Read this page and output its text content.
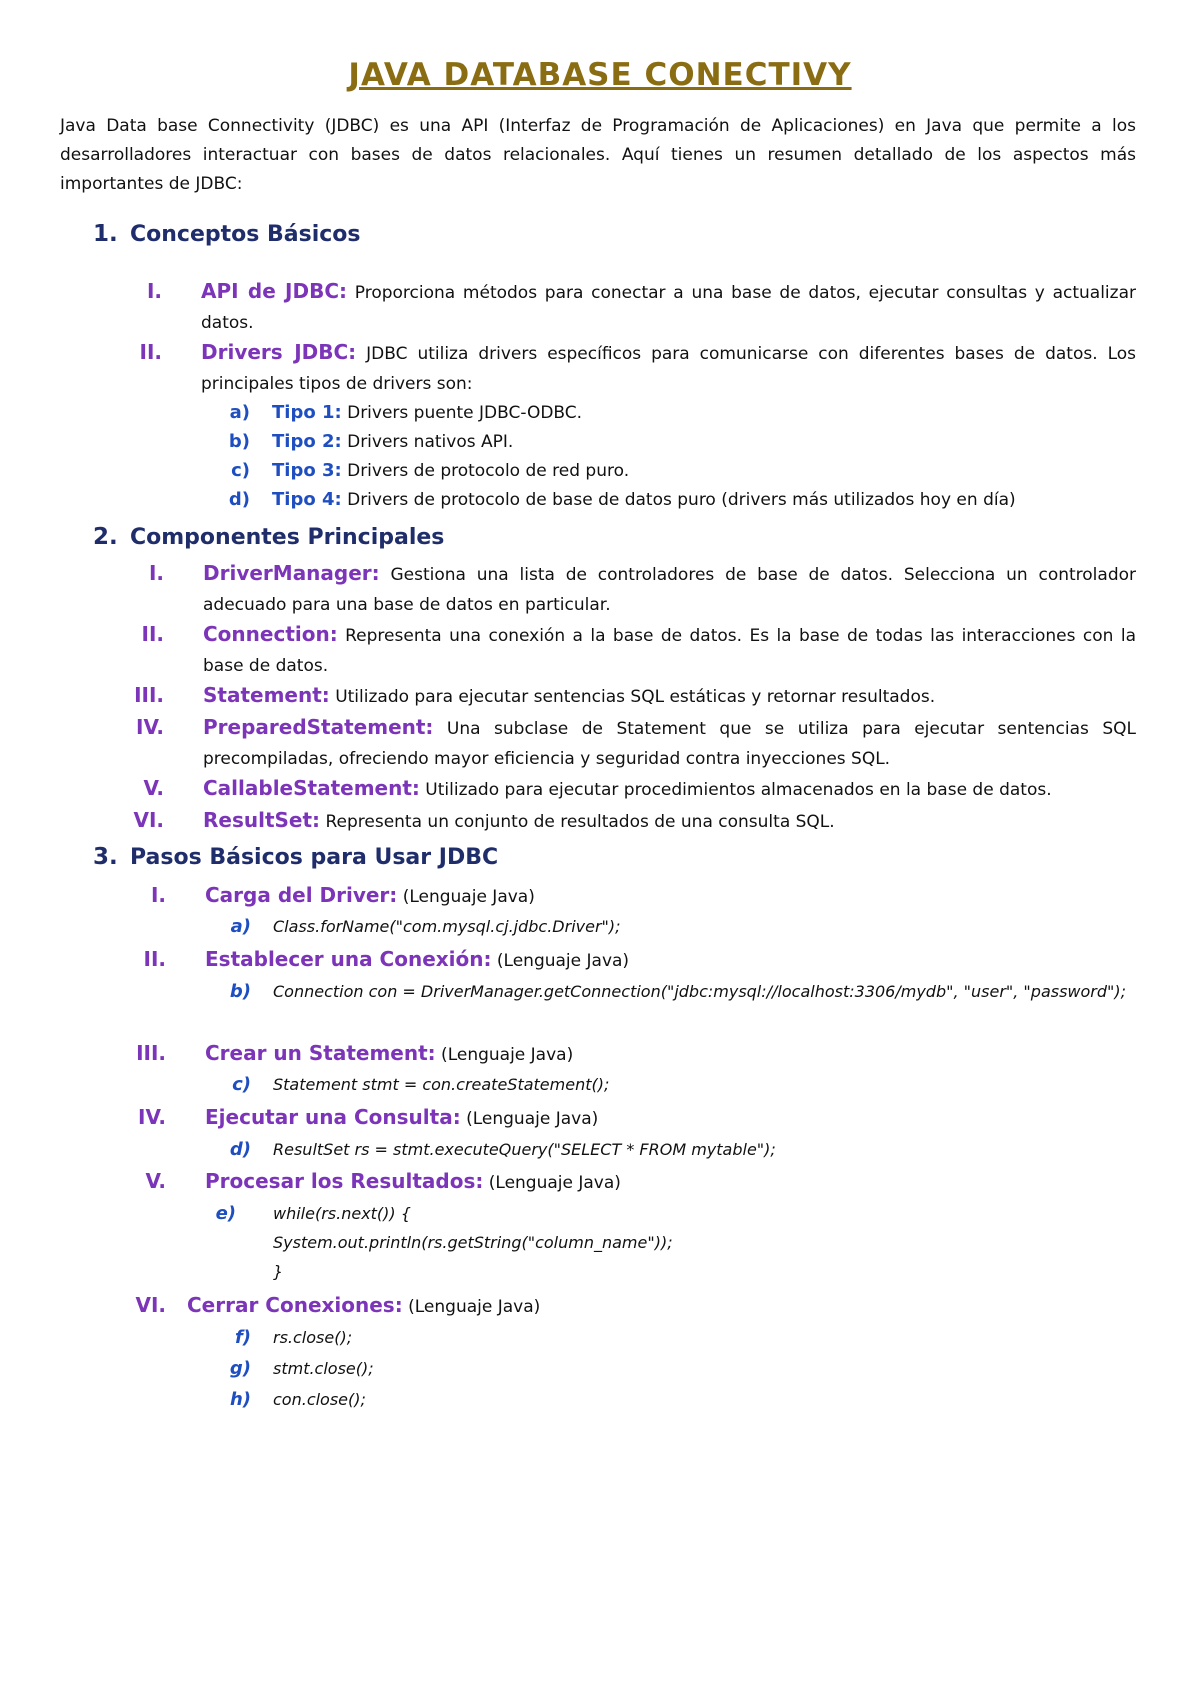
JAVA DATABASE CONECTIVY
Java Data base Connectivity (JDBC) es una API (Interfaz de Programación de Aplicaciones) en Java que permite a los desarrolladores interactuar con bases de datos relacionales. Aquí tienes un resumen detallado de los aspectos más importantes de JDBC:
1. Conceptos Básicos
I. API de JDBC: Proporciona métodos para conectar a una base de datos, ejecutar consultas y actualizar datos.
II. Drivers JDBC: JDBC utiliza drivers específicos para comunicarse con diferentes bases de datos. Los principales tipos de drivers son:
a) Tipo 1: Drivers puente JDBC-ODBC.
b) Tipo 2: Drivers nativos API.
c) Tipo 3: Drivers de protocolo de red puro.
d) Tipo 4: Drivers de protocolo de base de datos puro (drivers más utilizados hoy en día)
2. Componentes Principales
I. DriverManager: Gestiona una lista de controladores de base de datos. Selecciona un controlador adecuado para una base de datos en particular.
II. Connection: Representa una conexión a la base de datos. Es la base de todas las interacciones con la base de datos.
III. Statement: Utilizado para ejecutar sentencias SQL estáticas y retornar resultados.
IV. PreparedStatement: Una subclase de Statement que se utiliza para ejecutar sentencias SQL precompiladas, ofreciendo mayor eficiencia y seguridad contra inyecciones SQL.
V. CallableStatement: Utilizado para ejecutar procedimientos almacenados en la base de datos.
VI. ResultSet: Representa un conjunto de resultados de una consulta SQL.
3. Pasos Básicos para Usar JDBC
I. Carga del Driver: (Lenguaje Java)
a) Class.forName("com.mysql.cj.jdbc.Driver");
II. Establecer una Conexión: (Lenguaje Java)
b) Connection con = DriverManager.getConnection("jdbc:mysql://localhost:3306/mydb", "user", "password");
III. Crear un Statement: (Lenguaje Java)
c) Statement stmt = con.createStatement();
IV. Ejecutar una Consulta: (Lenguaje Java)
d) ResultSet rs = stmt.executeQuery("SELECT * FROM mytable");
V. Procesar los Resultados: (Lenguaje Java)
e) while(rs.next()) {
System.out.println(rs.getString("column_name"));
}
VI. Cerrar Conexiones: (Lenguaje Java)
f) rs.close();
g) stmt.close();
h) con.close();
